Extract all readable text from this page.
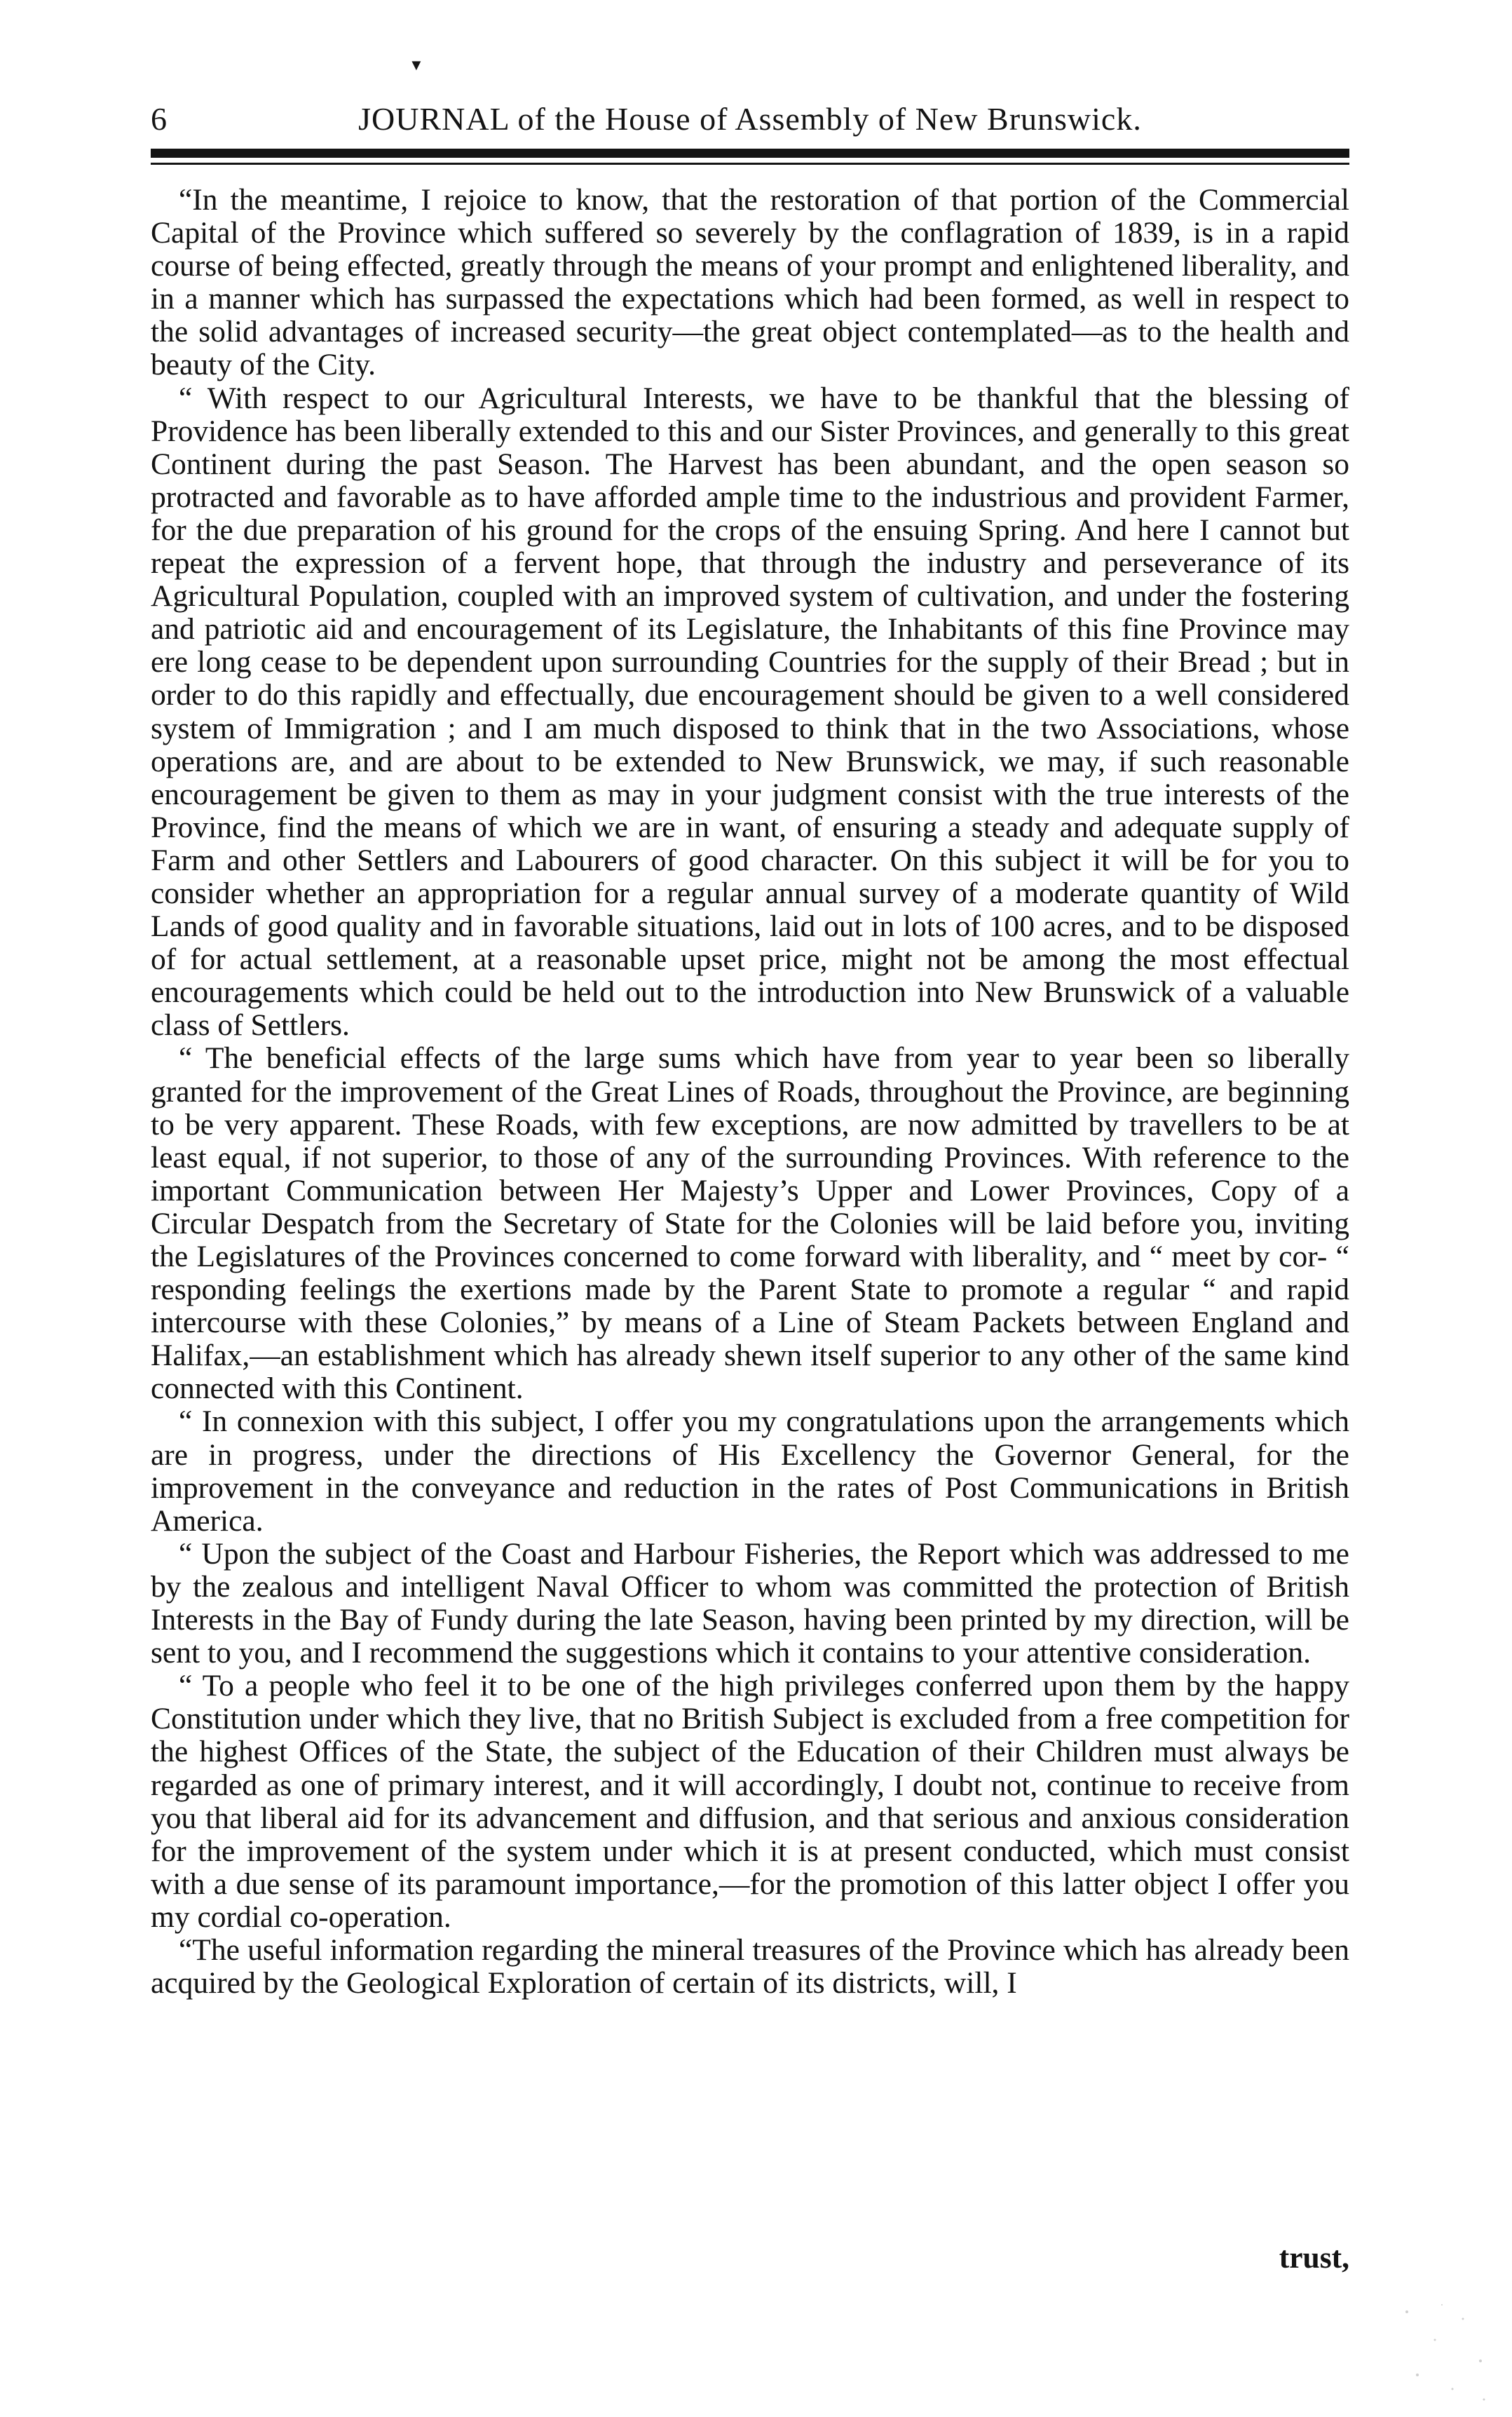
▼
6	JOURNAL of the House of Assembly of New Brunswick.

“In the meantime, I rejoice to know, that the restoration of that portion of the Commercial Capital of the Province which suffered so severely by the conflagration of 1839, is in a rapid course of being effected, greatly through the means of your prompt and enlightened liberality, and in a manner which has surpassed the expectations which had been formed, as well in respect to the solid advantages of increased security—the great object contemplated—as to the health and beauty of the City.

“ With respect to our Agricultural Interests, we have to be thankful that the blessing of Providence has been liberally extended to this and our Sister Provinces, and generally to this great Continent during the past Season. The Harvest has been abundant, and the open season so protracted and favorable as to have afforded ample time to the industrious and provident Farmer, for the due preparation of his ground for the crops of the ensuing Spring. And here I cannot but repeat the expression of a fervent hope, that through the industry and perseverance of its Agricultural Population, coupled with an improved system of cultivation, and under the fostering and patriotic aid and encouragement of its Legislature, the Inhabitants of this fine Province may ere long cease to be dependent upon surrounding Countries for the supply of their Bread ; but in order to do this rapidly and effectually, due encouragement should be given to a well considered system of Immigration ; and I am much disposed to think that in the two Associations, whose operations are, and are about to be extended to New Brunswick, we may, if such reasonable encouragement be given to them as may in your judgment consist with the true interests of the Province, find the means of which we are in want, of ensuring a steady and adequate supply of Farm and other Settlers and Labourers of good character. On this subject it will be for you to consider whether an appropriation for a regular annual survey of a moderate quantity of Wild Lands of good quality and in favorable situations, laid out in lots of 100 acres, and to be disposed of for actual settlement, at a reasonable upset price, might not be among the most effectual encouragements which could be held out to the introduction into New Brunswick of a valuable class of Settlers.

“ The beneficial effects of the large sums which have from year to year been so liberally granted for the improvement of the Great Lines of Roads, throughout the Province, are beginning to be very apparent. These Roads, with few exceptions, are now admitted by travellers to be at least equal, if not superior, to those of any of the surrounding Provinces. With reference to the important Communication between Her Majesty’s Upper and Lower Provinces, Copy of a Circular Despatch from the Secretary of State for the Colonies will be laid before you, inviting the Legislatures of the Provinces concerned to come forward with liberality, and “ meet by cor- “ responding feelings the exertions made by the Parent State to promote a regular “ and rapid intercourse with these Colonies,” by means of a Line of Steam Packets between England and Halifax,—an establishment which has already shewn itself superior to any other of the same kind connected with this Continent.

“ In connexion with this subject, I offer you my congratulations upon the arrangements which are in progress, under the directions of His Excellency the Governor General, for the improvement in the conveyance and reduction in the rates of Post Communications in British America.

“ Upon the subject of the Coast and Harbour Fisheries, the Report which was addressed to me by the zealous and intelligent Naval Officer to whom was committed the protection of British Interests in the Bay of Fundy during the late Season, having been printed by my direction, will be sent to you, and I recommend the suggestions which it contains to your attentive consideration.

“ To a people who feel it to be one of the high privileges conferred upon them by the happy Constitution under which they live, that no British Subject is excluded from a free competition for the highest Offices of the State, the subject of the Education of their Children must always be regarded as one of primary interest, and it will accordingly, I doubt not, continue to receive from you that liberal aid for its advancement and diffusion, and that serious and anxious consideration for the improvement of the system under which it is at present conducted, which must consist with a due sense of its paramount importance,—for the promotion of this latter object I offer you my cordial co-operation.

“The useful information regarding the mineral treasures of the Province which has already been acquired by the Geological Exploration of certain of its districts, will, I

trust,
